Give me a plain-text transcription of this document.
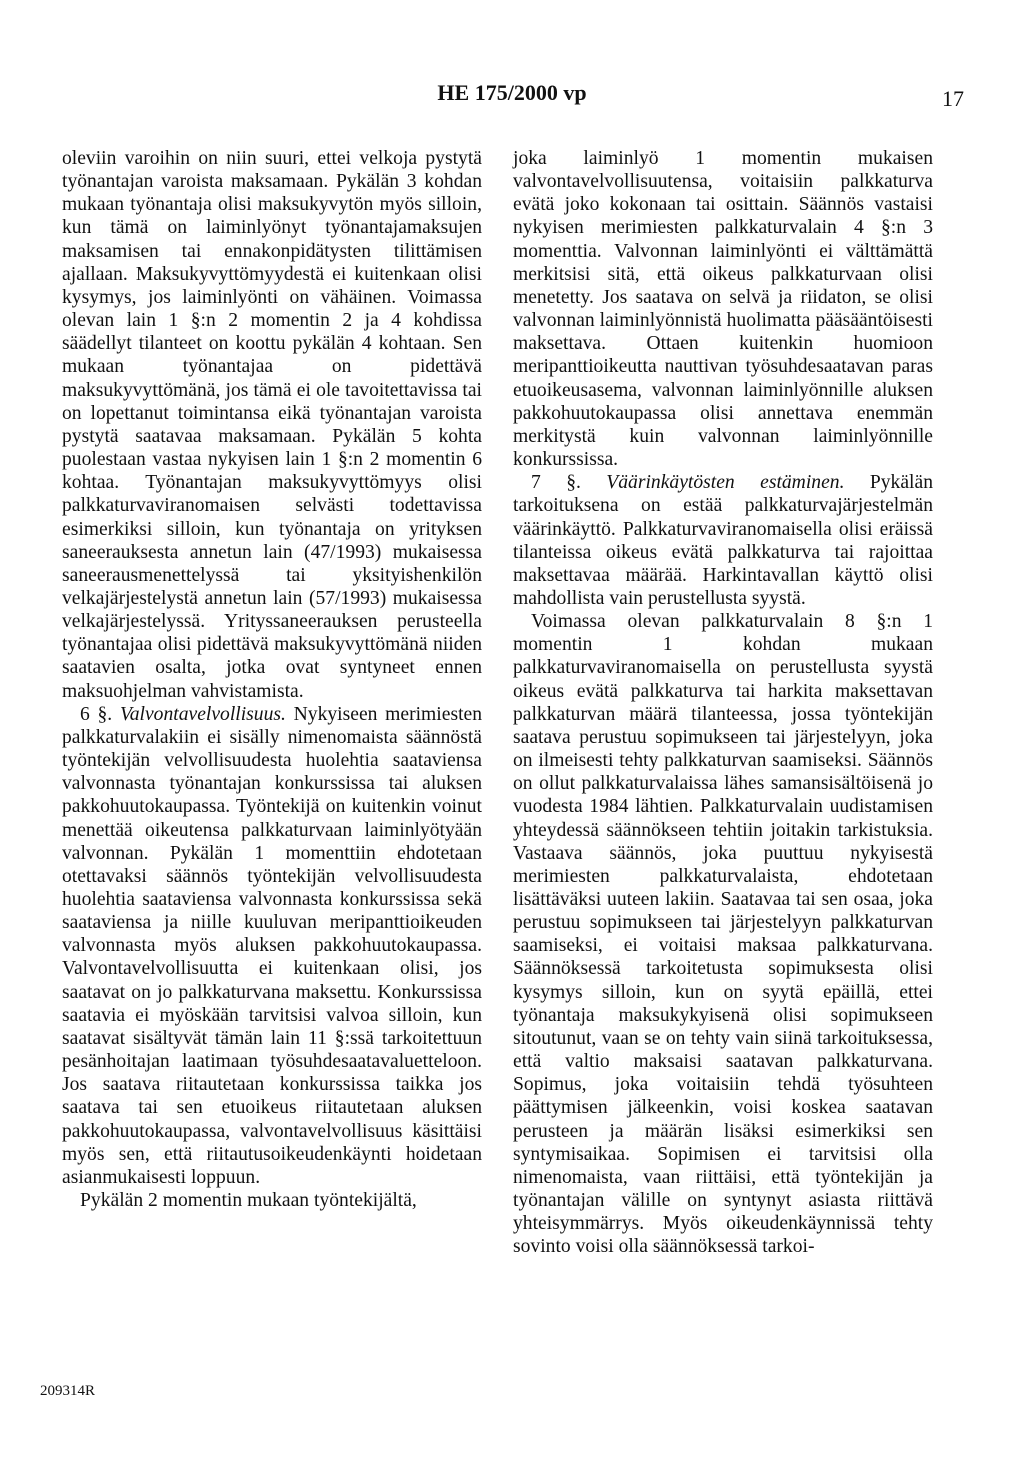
HE 175/2000 vp	17

oleviin varoihin on niin suuri, ettei velkoja pystytä työnantajan varoista maksamaan. Pykälän 3 kohdan mukaan työnantaja olisi maksukyvytön myös silloin, kun tämä on laiminlyönyt työnantajamaksujen maksamisen tai ennakonpidätysten tilittämisen ajallaan. Maksukyvyttömyydestä ei kuitenkaan olisi kysymys, jos laiminlyönti on vähäinen. Voimassa olevan lain 1 §:n 2 momentin 2 ja 4 kohdissa säädellyt tilanteet on koottu pykälän 4 kohtaan. Sen mukaan työnantajaa on pidettävä maksukyvyttömänä, jos tämä ei ole tavoitettavissa tai on lopettanut toimintansa eikä työnantajan varoista pystytä saatavaa maksamaan. Pykälän 5 kohta puolestaan vastaa nykyisen lain 1 §:n 2 momentin 6 kohtaa. Työnantajan maksukyvyttömyys olisi palkkaturvaviranomaisen selvästi todettavissa esimerkiksi silloin, kun työnantaja on yrityksen saneerauksesta annetun lain (47/1993) mukaisessa saneerausmenettelyssä tai yksityishenkilön velkajärjestelystä annetun lain (57/1993) mukaisessa velkajärjestelyssä. Yrityssaneerauksen perusteella työnantajaa olisi pidettävä maksukyvyttömänä niiden saatavien osalta, jotka ovat syntyneet ennen maksuohjelman vahvistamista.

6 §. Valvontavelvollisuus. Nykyiseen merimiesten palkkaturvalakiin ei sisälly nimenomaista säännöstä työntekijän velvollisuudesta huolehtia saataviensa valvonnasta työnantajan konkurssissa tai aluksen pakkohuutokaupassa. Työntekijä on kuitenkin voinut menettää oikeutensa palkkaturvaan laiminlyötyään valvonnan. Pykälän 1 momenttiin ehdotetaan otettavaksi säännös työntekijän velvollisuudesta huolehtia saataviensa valvonnasta konkurssissa sekä saataviensa ja niille kuuluvan meripanttioikeuden valvonnasta myös aluksen pakkohuutokaupassa. Valvontavelvollisuutta ei kuitenkaan olisi, jos saatavat on jo palkkaturvana maksettu. Konkurssissa saatavia ei myöskään tarvitsisi valvoa silloin, kun saatavat sisältyvät tämän lain 11 §:ssä tarkoitettuun pesänhoitajan laatimaan työsuhdesaatavaluetteloon. Jos saatava riitautetaan konkurssissa taikka jos saatava tai sen etuoikeus riitautetaan aluksen pakkohuutokaupassa, valvontavelvollisuus käsittäisi myös sen, että riitautusoikeudenkäynti hoidetaan asianmukaisesti loppuun.

Pykälän 2 momentin mukaan työntekijältä,

joka laiminlyö 1 momentin mukaisen valvontavelvollisuutensa, voitaisiin palkkaturva evätä joko kokonaan tai osittain. Säännös vastaisi nykyisen merimiesten palkkaturvalain 4 §:n 3 momenttia. Valvonnan laiminlyönti ei välttämättä merkitsisi sitä, että oikeus palkkaturvaan olisi menetetty. Jos saatava on selvä ja riidaton, se olisi valvonnan laiminlyönnistä huolimatta pääsääntöisesti maksettava. Ottaen kuitenkin huomioon meripanttioikeutta nauttivan työsuhdesaatavan paras etuoikeusasema, valvonnan laiminlyönnille aluksen pakkohuutokaupassa olisi annettava enemmän merkitystä kuin valvonnan laiminlyönnille konkurssissa.

7 §. Väärinkäytösten estäminen. Pykälän tarkoituksena on estää palkkaturvajärjestelmän väärinkäyttö. Palkkaturvaviranomaisella olisi eräissä tilanteissa oikeus evätä palkkaturva tai rajoittaa maksettavaa määrää. Harkintavallan käyttö olisi mahdollista vain perustellusta syystä.

Voimassa olevan palkkaturvalain 8 §:n 1 momentin 1 kohdan mukaan palkkaturvaviranomaisella on perustellusta syystä oikeus evätä palkkaturva tai harkita maksettavan palkkaturvan määrä tilanteessa, jossa työntekijän saatava perustuu sopimukseen tai järjestelyyn, joka on ilmeisesti tehty palkkaturvan saamiseksi. Säännös on ollut palkkaturvalaissa lähes samansisältöisenä jo vuodesta 1984 lähtien. Palkkaturvalain uudistamisen yhteydessä säännökseen tehtiin joitakin tarkistuksia. Vastaava säännös, joka puuttuu nykyisestä merimiesten palkkaturvalaista, ehdotetaan lisättäväksi uuteen lakiin. Saatavaa tai sen osaa, joka perustuu sopimukseen tai järjestelyyn palkkaturvan saamiseksi, ei voitaisi maksaa palkkaturvana. Säännöksessä tarkoitetusta sopimuksesta olisi kysymys silloin, kun on syytä epäillä, ettei työnantaja maksukykyisenä olisi sopimukseen sitoutunut, vaan se on tehty vain siinä tarkoituksessa, että valtio maksaisi saatavan palkkaturvana. Sopimus, joka voitaisiin tehdä työsuhteen päättymisen jälkeenkin, voisi koskea saatavan perusteen ja määrän lisäksi esimerkiksi sen syntymisaikaa. Sopimisen ei tarvitsisi olla nimenomaista, vaan riittäisi, että työntekijän ja työnantajan välille on syntynyt asiasta riittävä yhteisymmärrys. Myös oikeudenkäynnissä tehty sovinto voisi olla säännöksessä tarkoi-

209314R
